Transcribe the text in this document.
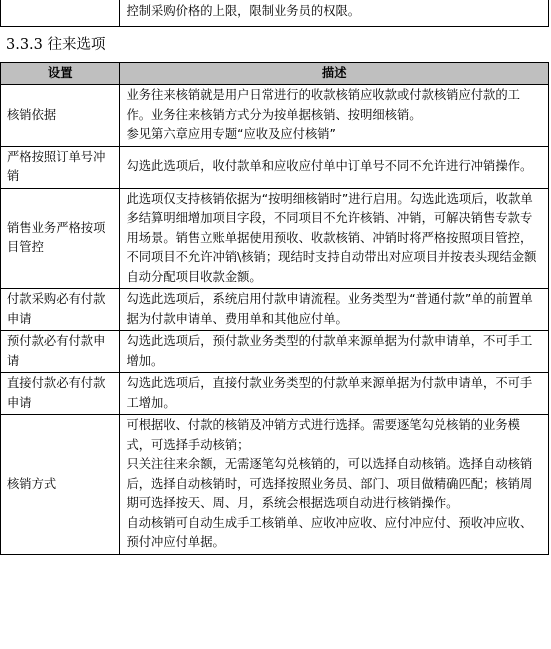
	控制采购价格的上限，限制业务员的权限。
3.3.3 往来选项
设置	描述
核销依据	业务往来核销就是用户日常进行的收款核销应收款或付款核销应付款的工作。业务往来核销方式分为按单据核销、按明细核销。
参见第六章应用专题“应收及应付核销”

严格按照订单号冲销	勾选此选项后，收付款单和应收应付单中订单号不同不允许进行冲销操作。

销售业务严格按项目管控	此选项仅支持核销依据为“按明细核销时”进行启用。勾选此选项后，收款单多结算明细增加项目字段，不同项目不允许核销、冲销，可解决销售专款专用场景。销售立账单据使用预收、收款核销、冲销时将严格按照项目管控，不同项目不允许冲销\核销；现结时支持自动带出对应项目并按表头现结金额自动分配项目收款金额。

付款采购必有付款申请	勾选此选项后，系统启用付款申请流程。业务类型为“普通付款”单的前置单据为付款申请单、费用单和其他应付单。

预付款必有付款申请	勾选此选项后，预付款业务类型的付款单来源单据为付款申请单，不可手工增加。

直接付款必有付款申请	勾选此选项后，直接付款业务类型的付款单来源单据为付款申请单，不可手工增加。

核销方式	可根据收、付款的核销及冲销方式进行选择。需要逐笔勾兑核销的业务模式，可选择手动核销；
只关注往来余额，无需逐笔勾兑核销的，可以选择自动核销。选择自动核销后，选择自动核销时，可选择按照业务员、部门、项目做精确匹配；核销周期可选择按天、周、月，系统会根据选项自动进行核销操作。
自动核销可自动生成手工核销单、应收冲应收、应付冲应付、预收冲应收、预付冲应付单据。
